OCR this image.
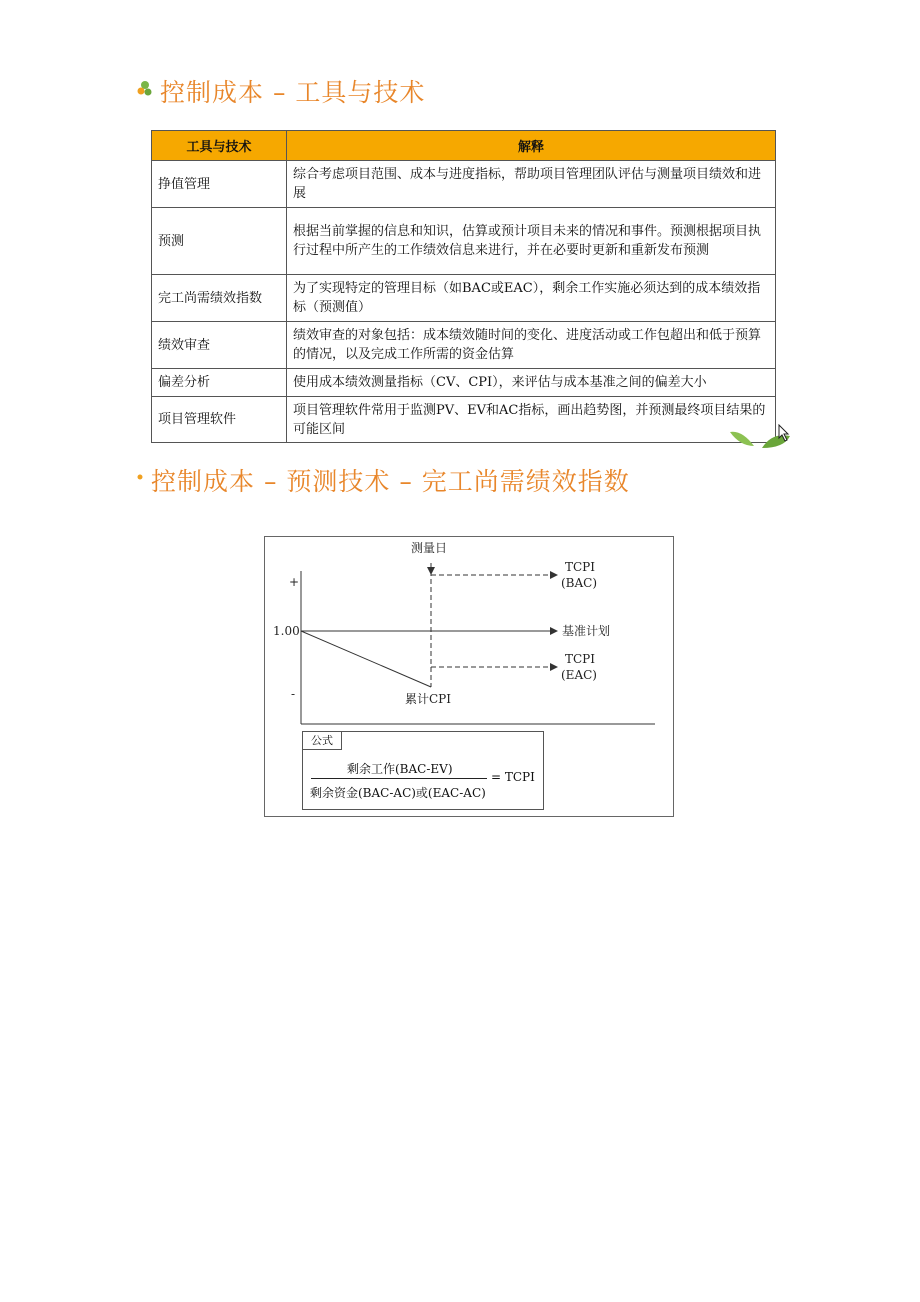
控制成本 – 工具与技术
工具与技术	解释
挣值管理	综合考虑项目范围、成本与进度指标，帮助项目管理团队评估与测量项目绩效和进展
预测	根据当前掌握的信息和知识，估算或预计项目未来的情况和事件。预测根据项目执行过程中所产生的工作绩效信息来进行，并在必要时更新和重新发布预测
完工尚需绩效指数	为了实现特定的管理目标（如BAC或EAC），剩余工作实施必须达到的成本绩效指标（预测值）
绩效审查	绩效审查的对象包括：成本绩效随时间的变化、进度活动或工作包超出和低于预算的情况，以及完成工作所需的资金估算
偏差分析	使用成本绩效测量指标（CV、CPI），来评估与成本基准之间的偏差大小
项目管理软件	项目管理软件常用于监测PV、EV和AC指标，画出趋势图，并预测最终项目结果的可能区间
控制成本 – 预测技术 – 完工尚需绩效指数
测量日
+
1.00
-
TCPI
(BAC)
基准计划
TCPI
(EAC)
累计CPI
公式
剩余工作(BAC-EV)
剩余资金(BAC-AC)或(EAC-AC)
= TCPI
